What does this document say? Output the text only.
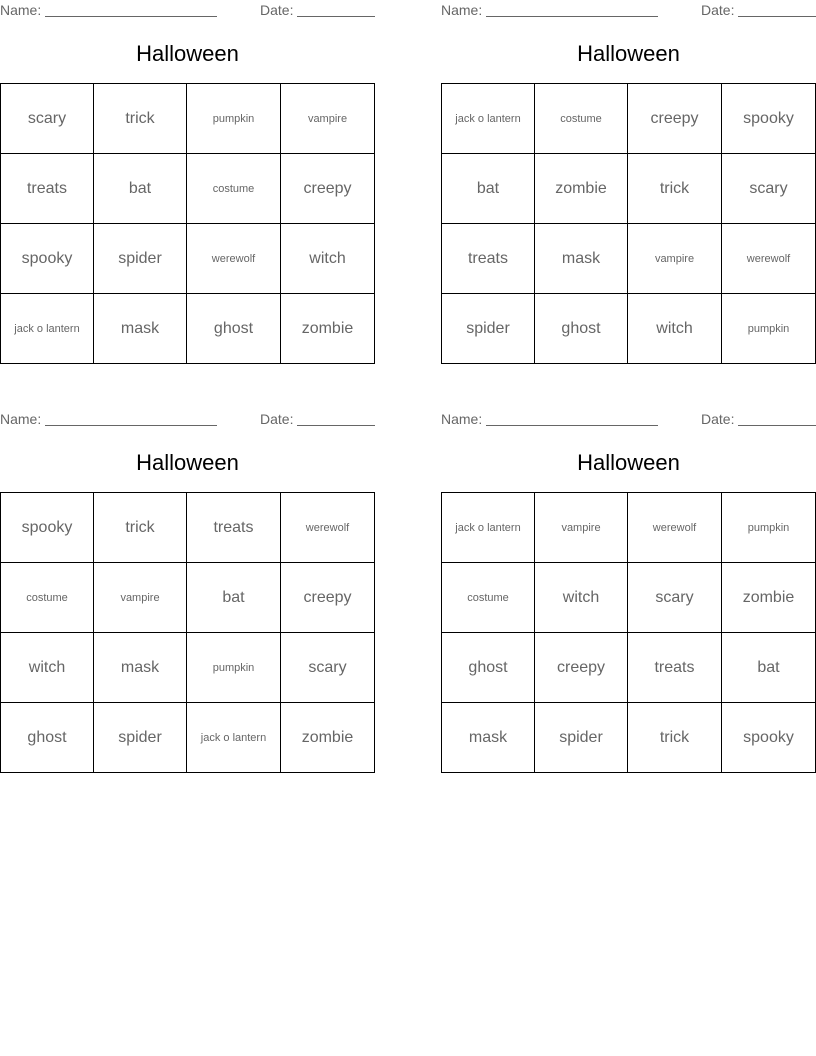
Name:	Date:
Halloween
scary	trick	pumpkin	vampire
treats	bat	costume	creepy
spooky	spider	werewolf	witch
jack o lantern	mask	ghost	zombie
Name:	Date:
Halloween
jack o lantern	costume	creepy	spooky
bat	zombie	trick	scary
treats	mask	vampire	werewolf
spider	ghost	witch	pumpkin
Name:	Date:
Halloween
spooky	trick	treats	werewolf
costume	vampire	bat	creepy
witch	mask	pumpkin	scary
ghost	spider	jack o lantern	zombie
Name:	Date:
Halloween
jack o lantern	vampire	werewolf	pumpkin
costume	witch	scary	zombie
ghost	creepy	treats	bat
mask	spider	trick	spooky
